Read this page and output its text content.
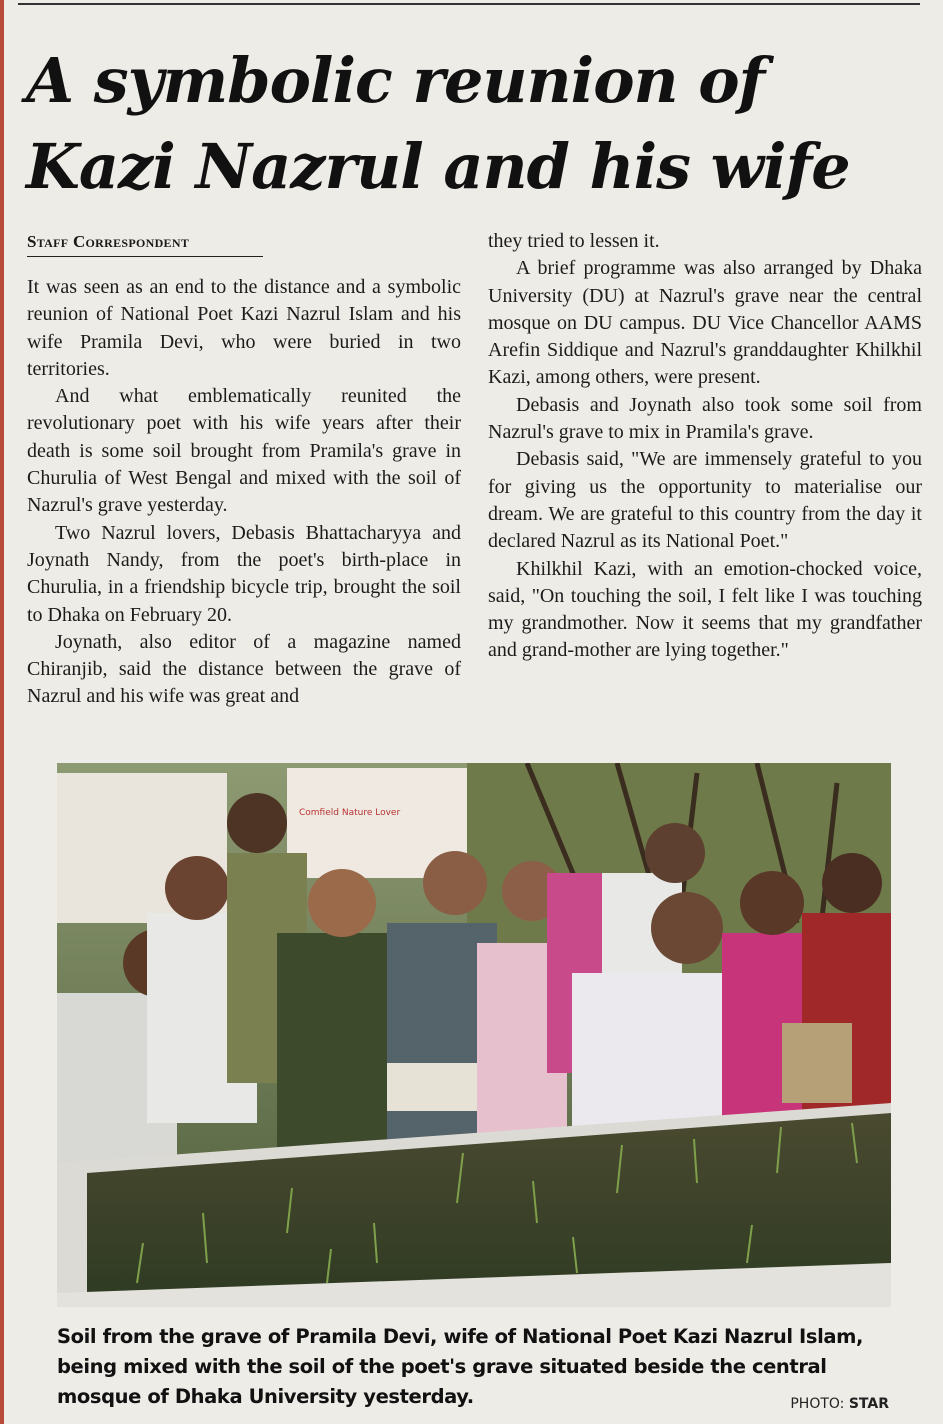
A symbolic reunion of Kazi Nazrul and his wife
Staff Correspondent

It was seen as an end to the distance and a symbolic reunion of National Poet Kazi Nazrul Islam and his wife Pramila Devi, who were buried in two territories.

And what emblematically reunited the revolutionary poet with his wife years after their death is some soil brought from Pramila's grave in Churulia of West Bengal and mixed with the soil of Nazrul's grave yesterday.

Two Nazrul lovers, Debasis Bhattacharyya and Joynath Nandy, from the poet's birth-place in Churulia, in a friendship bicycle trip, brought the soil to Dhaka on February 20.

Joynath, also editor of a magazine named Chiranjib, said the distance between the grave of Nazrul and his wife was great and

they tried to lessen it.

A brief programme was also arranged by Dhaka University (DU) at Nazrul's grave near the central mosque on DU campus. DU Vice Chancellor AAMS Arefin Siddique and Nazrul's granddaughter Khilkhil Kazi, among others, were present.

Debasis and Joynath also took some soil from Nazrul's grave to mix in Pramila's grave.

Debasis said, "We are immensely grateful to you for giving us the opportunity to materialise our dream. We are grateful to this country from the day it declared Nazrul as its National Poet."

Khilkhil Kazi, with an emotion-chocked voice, said, "On touching the soil, I felt like I was touching my grandmother. Now it seems that my grandfather and grand-mother are lying together."

Comfield Nature Lover

Soil from the grave of Pramila Devi, wife of National Poet Kazi Nazrul Islam, being mixed with the soil of the poet's grave situated beside the central mosque of Dhaka University yesterday.	PHOTO: STAR
